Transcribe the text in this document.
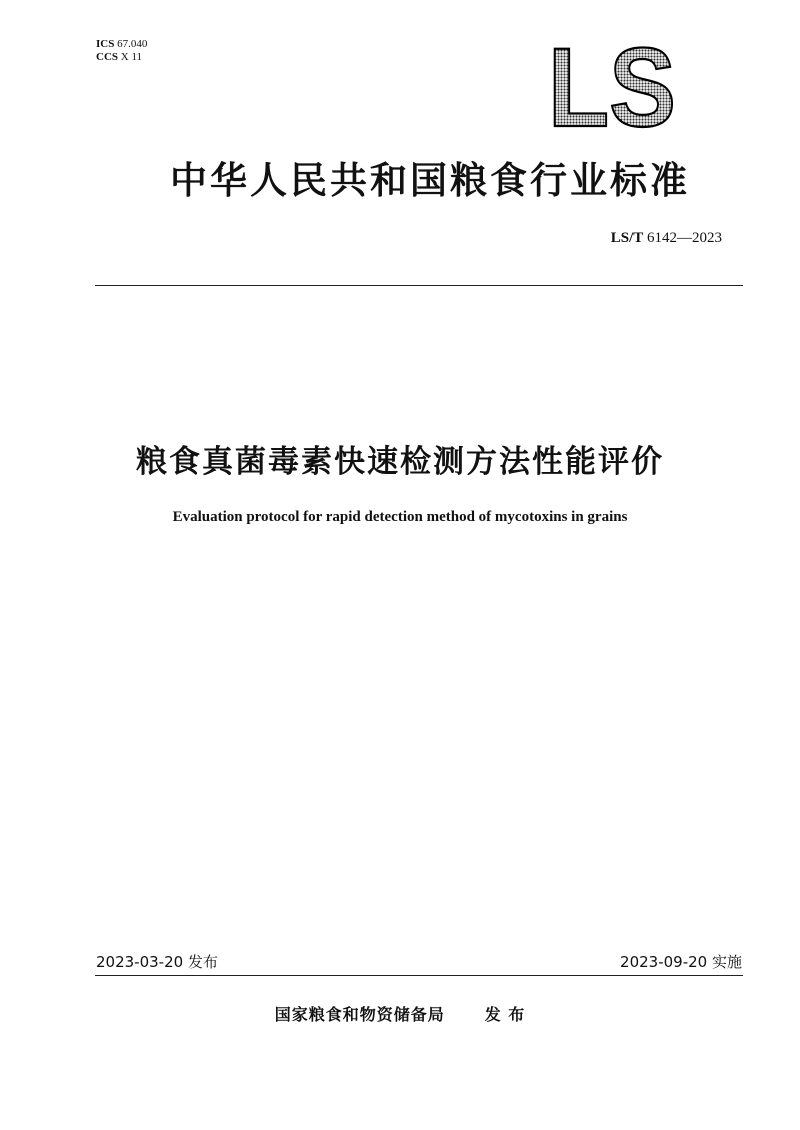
ICS 67.040
CCS X 11	LS
中华人民共和国粮食行业标准
LS/T 6142—2023
粮食真菌毒素快速检测方法性能评价
Evaluation protocol for rapid detection method of mycotoxins in grains
2023-03-20 发布	2023-09-20 实施
国家粮食和物资储备局	发 布
